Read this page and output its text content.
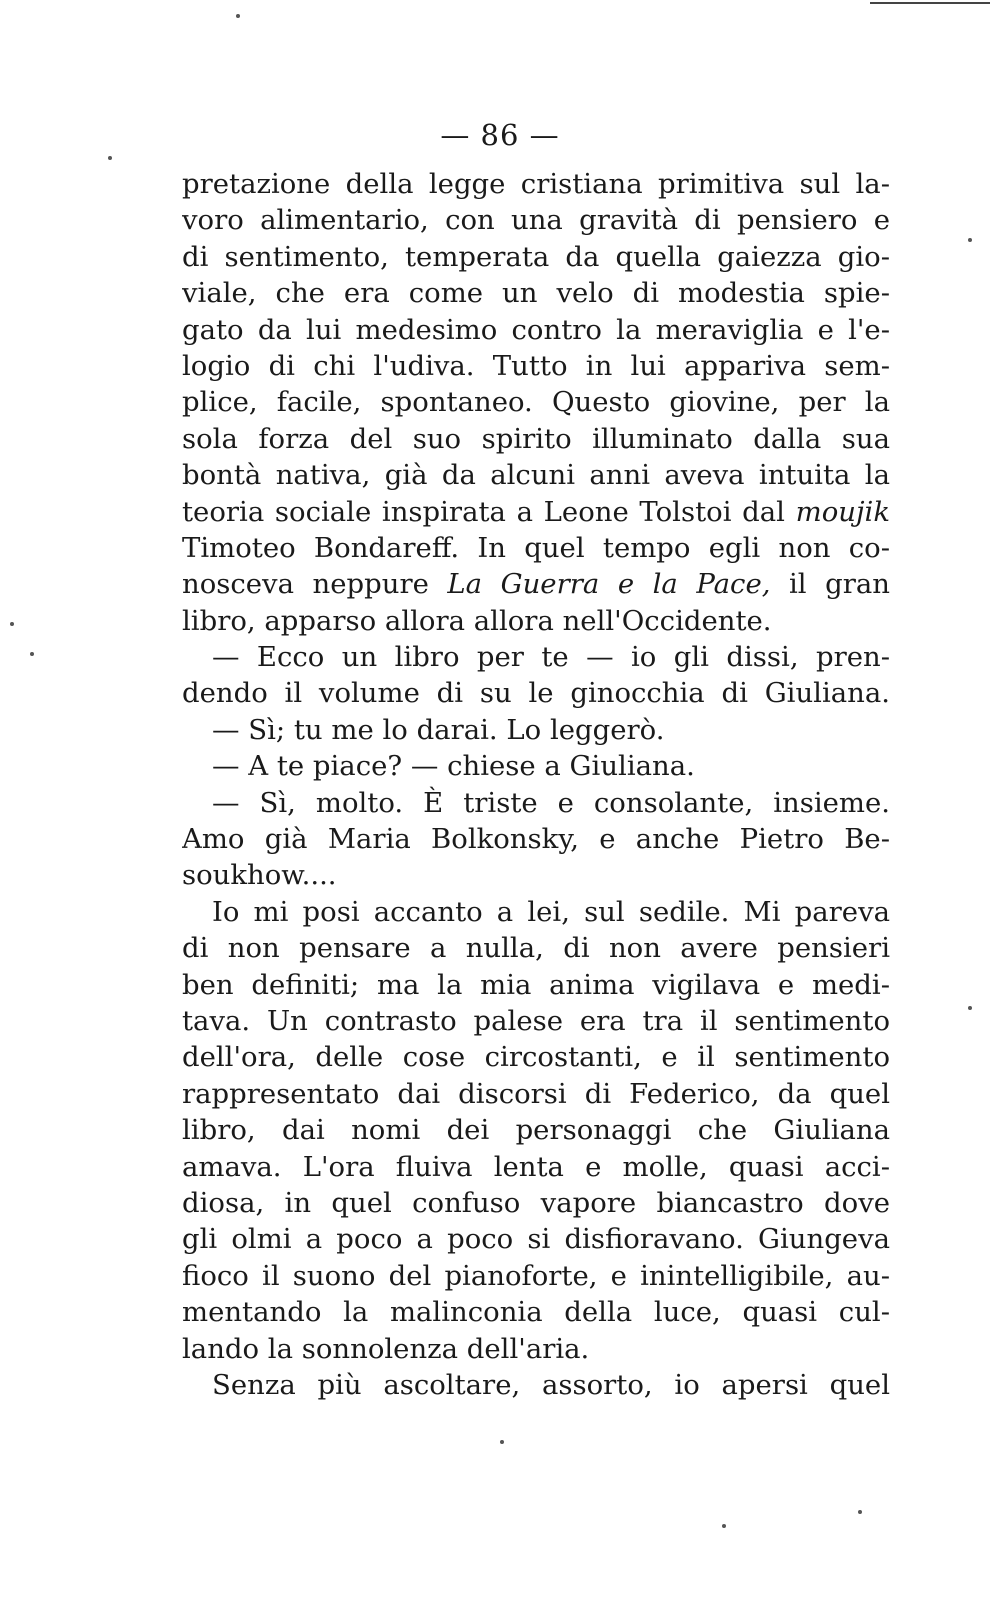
— 86 —
pretazione della legge cristiana primitiva sul la-
voro alimentario, con una gravità di pensiero e
di sentimento, temperata da quella gaiezza gio-
viale, che era come un velo di modestia spie-
gato da lui medesimo contro la meraviglia e l'e-
logio di chi l'udiva. Tutto in lui appariva sem-
plice, facile, spontaneo. Questo giovine, per la
sola forza del suo spirito illuminato dalla sua
bontà nativa, già da alcuni anni aveva intuita la
teoria sociale inspirata a Leone Tolstoi dal moujik
Timoteo Bondareff. In quel tempo egli non co-
nosceva neppure La Guerra e la Pace, il gran
libro, apparso allora allora nell'Occidente.
— Ecco un libro per te — io gli dissi, pren-
dendo il volume di su le ginocchia di Giuliana.
— Sì; tu me lo darai. Lo leggerò.
— A te piace? — chiese a Giuliana.
— Sì, molto. È triste e consolante, insieme.
Amo già Maria Bolkonsky, e anche Pietro Be-
soukhow....
Io mi posi accanto a lei, sul sedile. Mi pareva
di non pensare a nulla, di non avere pensieri
ben definiti; ma la mia anima vigilava e medi-
tava. Un contrasto palese era tra il sentimento
dell'ora, delle cose circostanti, e il sentimento
rappresentato dai discorsi di Federico, da quel
libro, dai nomi dei personaggi che Giuliana
amava. L'ora fluiva lenta e molle, quasi acci-
diosa, in quel confuso vapore biancastro dove
gli olmi a poco a poco si disfioravano. Giungeva
fioco il suono del pianoforte, e inintelligibile, au-
mentando la malinconia della luce, quasi cul-
lando la sonnolenza dell'aria.
Senza più ascoltare, assorto, io apersi quel
